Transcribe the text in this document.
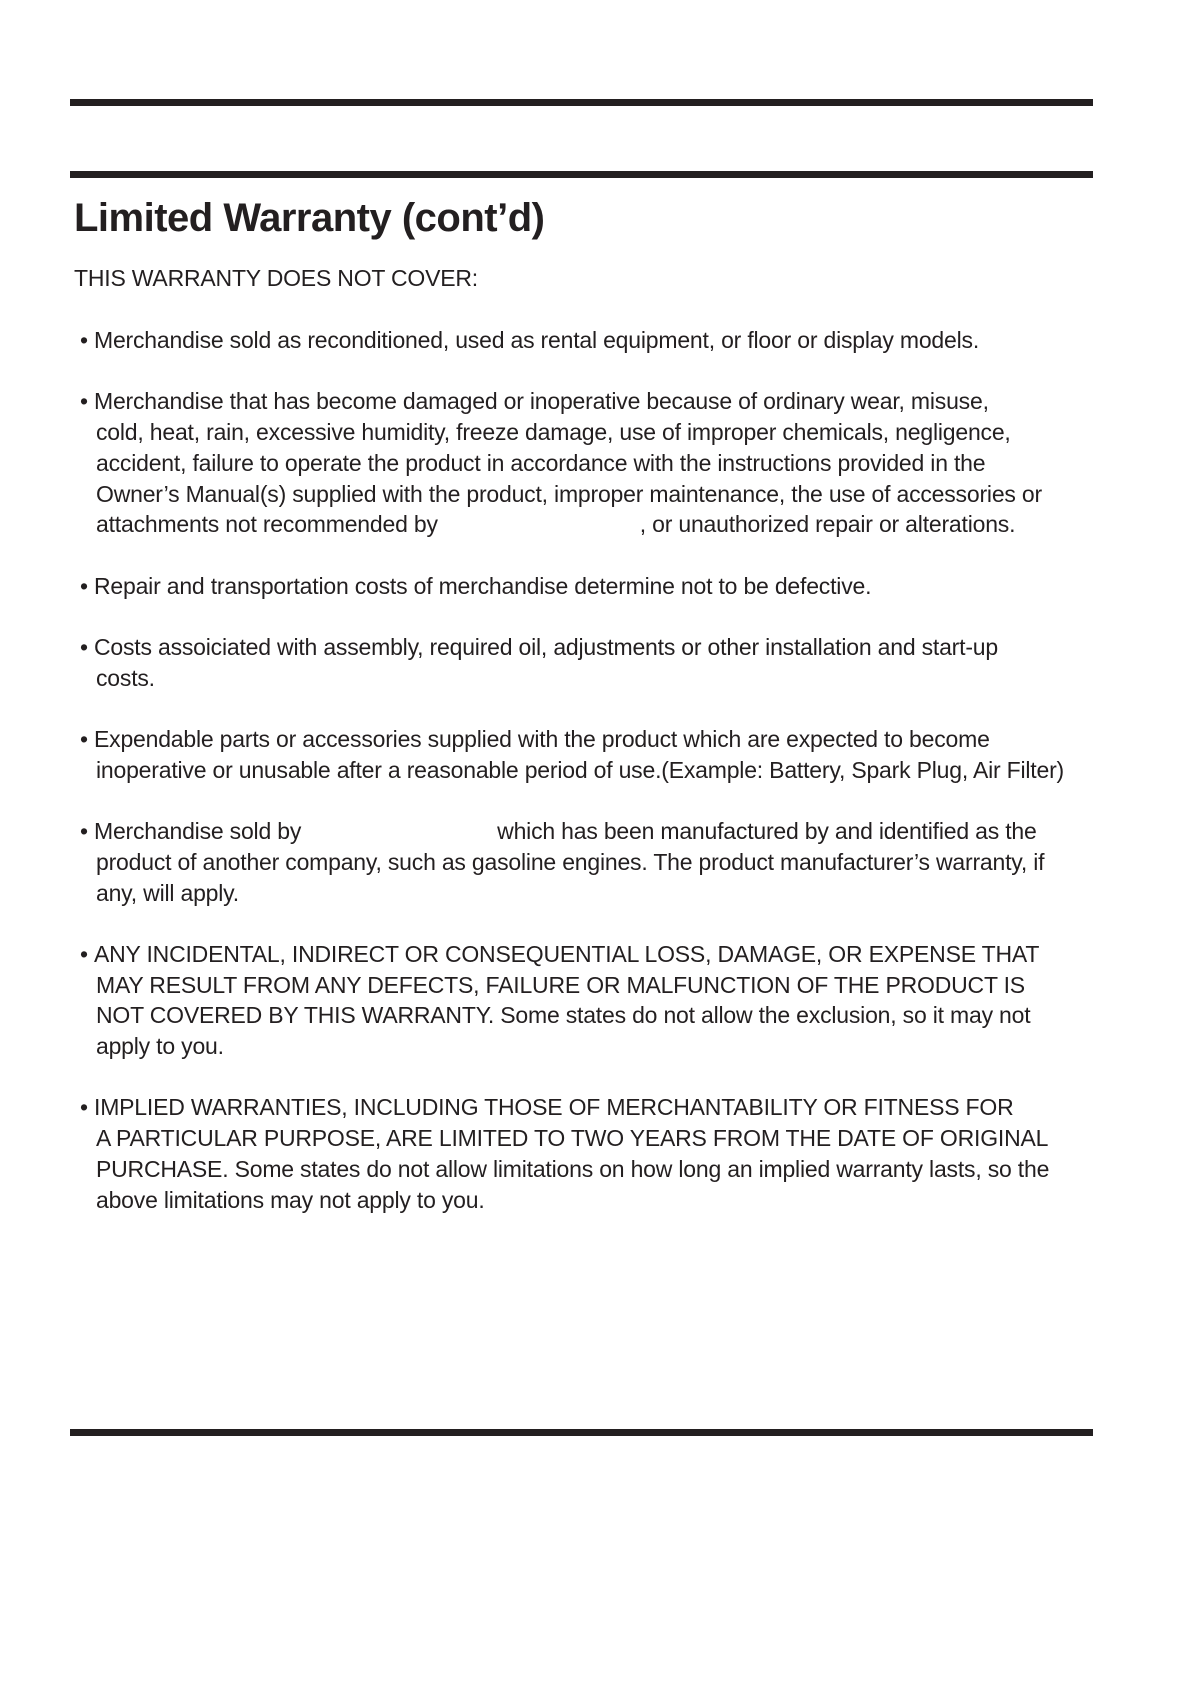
Limited Warranty (cont’d)
THIS WARRANTY DOES NOT COVER:
• Merchandise sold as reconditioned, used as rental equipment, or floor or display models.
• Merchandise that has become damaged or inoperative because of ordinary wear, misuse,
cold, heat, rain, excessive humidity, freeze damage, use of improper chemicals, negligence,
accident, failure to operate the product in accordance with the instructions provided in the
Owner’s Manual(s) supplied with the product, improper maintenance, the use of accessories or
attachments not recommended by	, or unauthorized repair or alterations.
• Repair and transportation costs of merchandise determine not to be defective.
• Costs assoiciated with assembly, required oil, adjustments or other installation and start-up
costs.
• Expendable parts or accessories supplied with the product which are expected to become
inoperative or unusable after a reasonable period of use.(Example: Battery, Spark Plug, Air Filter)
• Merchandise sold by	which has been manufactured by and identified as the
product of another company, such as gasoline engines. The product manufacturer’s warranty, if
any, will apply.
• ANY INCIDENTAL, INDIRECT OR CONSEQUENTIAL LOSS, DAMAGE, OR EXPENSE THAT
MAY RESULT FROM ANY DEFECTS, FAILURE OR MALFUNCTION OF THE PRODUCT IS
NOT COVERED BY THIS WARRANTY. Some states do not allow the exclusion, so it may not
apply to you.
• IMPLIED WARRANTIES, INCLUDING THOSE OF MERCHANTABILITY OR FITNESS FOR
A PARTICULAR PURPOSE, ARE LIMITED TO TWO YEARS FROM THE DATE OF ORIGINAL
PURCHASE. Some states do not allow limitations on how long an implied warranty lasts, so the
above limitations may not apply to you.
